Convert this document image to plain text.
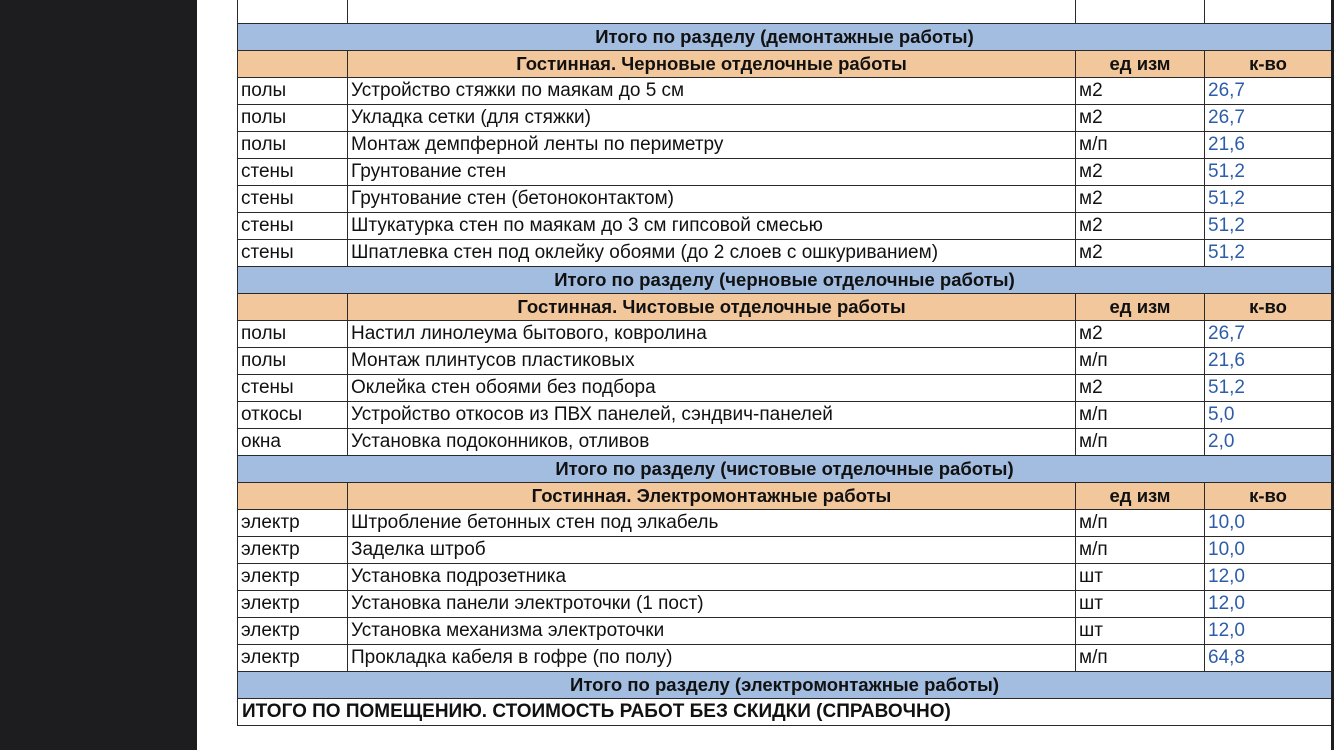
Итого по разделу (демонтажные работы)			
	Гостинная. Черновые отделочные работы	ед изм	к-во
полы	Устройство стяжки по маякам до 5 см	м2	26,7
полы	Укладка сетки (для стяжки)	м2	26,7
полы	Монтаж демпферной ленты по периметру	м/п	21,6
стены	Грунтование стен	м2	51,2
стены	Грунтование стен (бетоноконтактом)	м2	51,2
стены	Штукатурка стен по маякам до 3 см гипсовой смесью	м2	51,2
стены	Шпатлевка стен под оклейку обоями (до 2 слоев с ошкуриванием)	м2	51,2
Итого по разделу (черновые отделочные работы)			
	Гостинная. Чистовые отделочные работы	ед изм	к-во
полы	Настил линолеума бытового, ковролина	м2	26,7
полы	Монтаж плинтусов пластиковых	м/п	21,6
стены	Оклейка стен обоями без подбора	м2	51,2
откосы	Устройство откосов из ПВХ панелей, сэндвич-панелей	м/п	5,0
окна	Установка подоконников, отливов	м/п	2,0
Итого по разделу (чистовые отделочные работы)			
	Гостинная. Электромонтажные работы	ед изм	к-во
электр	Штробление бетонных стен под элкабель	м/п	10,0
электр	Заделка штроб	м/п	10,0
электр	Установка подрозетника	шт	12,0
электр	Установка панели электроточки (1 пост)	шт	12,0
электр	Установка механизма электроточки	шт	12,0
электр	Прокладка кабеля в гофре (по полу)	м/п	64,8
Итого по разделу (электромонтажные работы)			
ИТОГО ПО ПОМЕЩЕНИЮ. СТОИМОСТЬ РАБОТ БЕЗ СКИДКИ (СПРАВОЧНО)			
